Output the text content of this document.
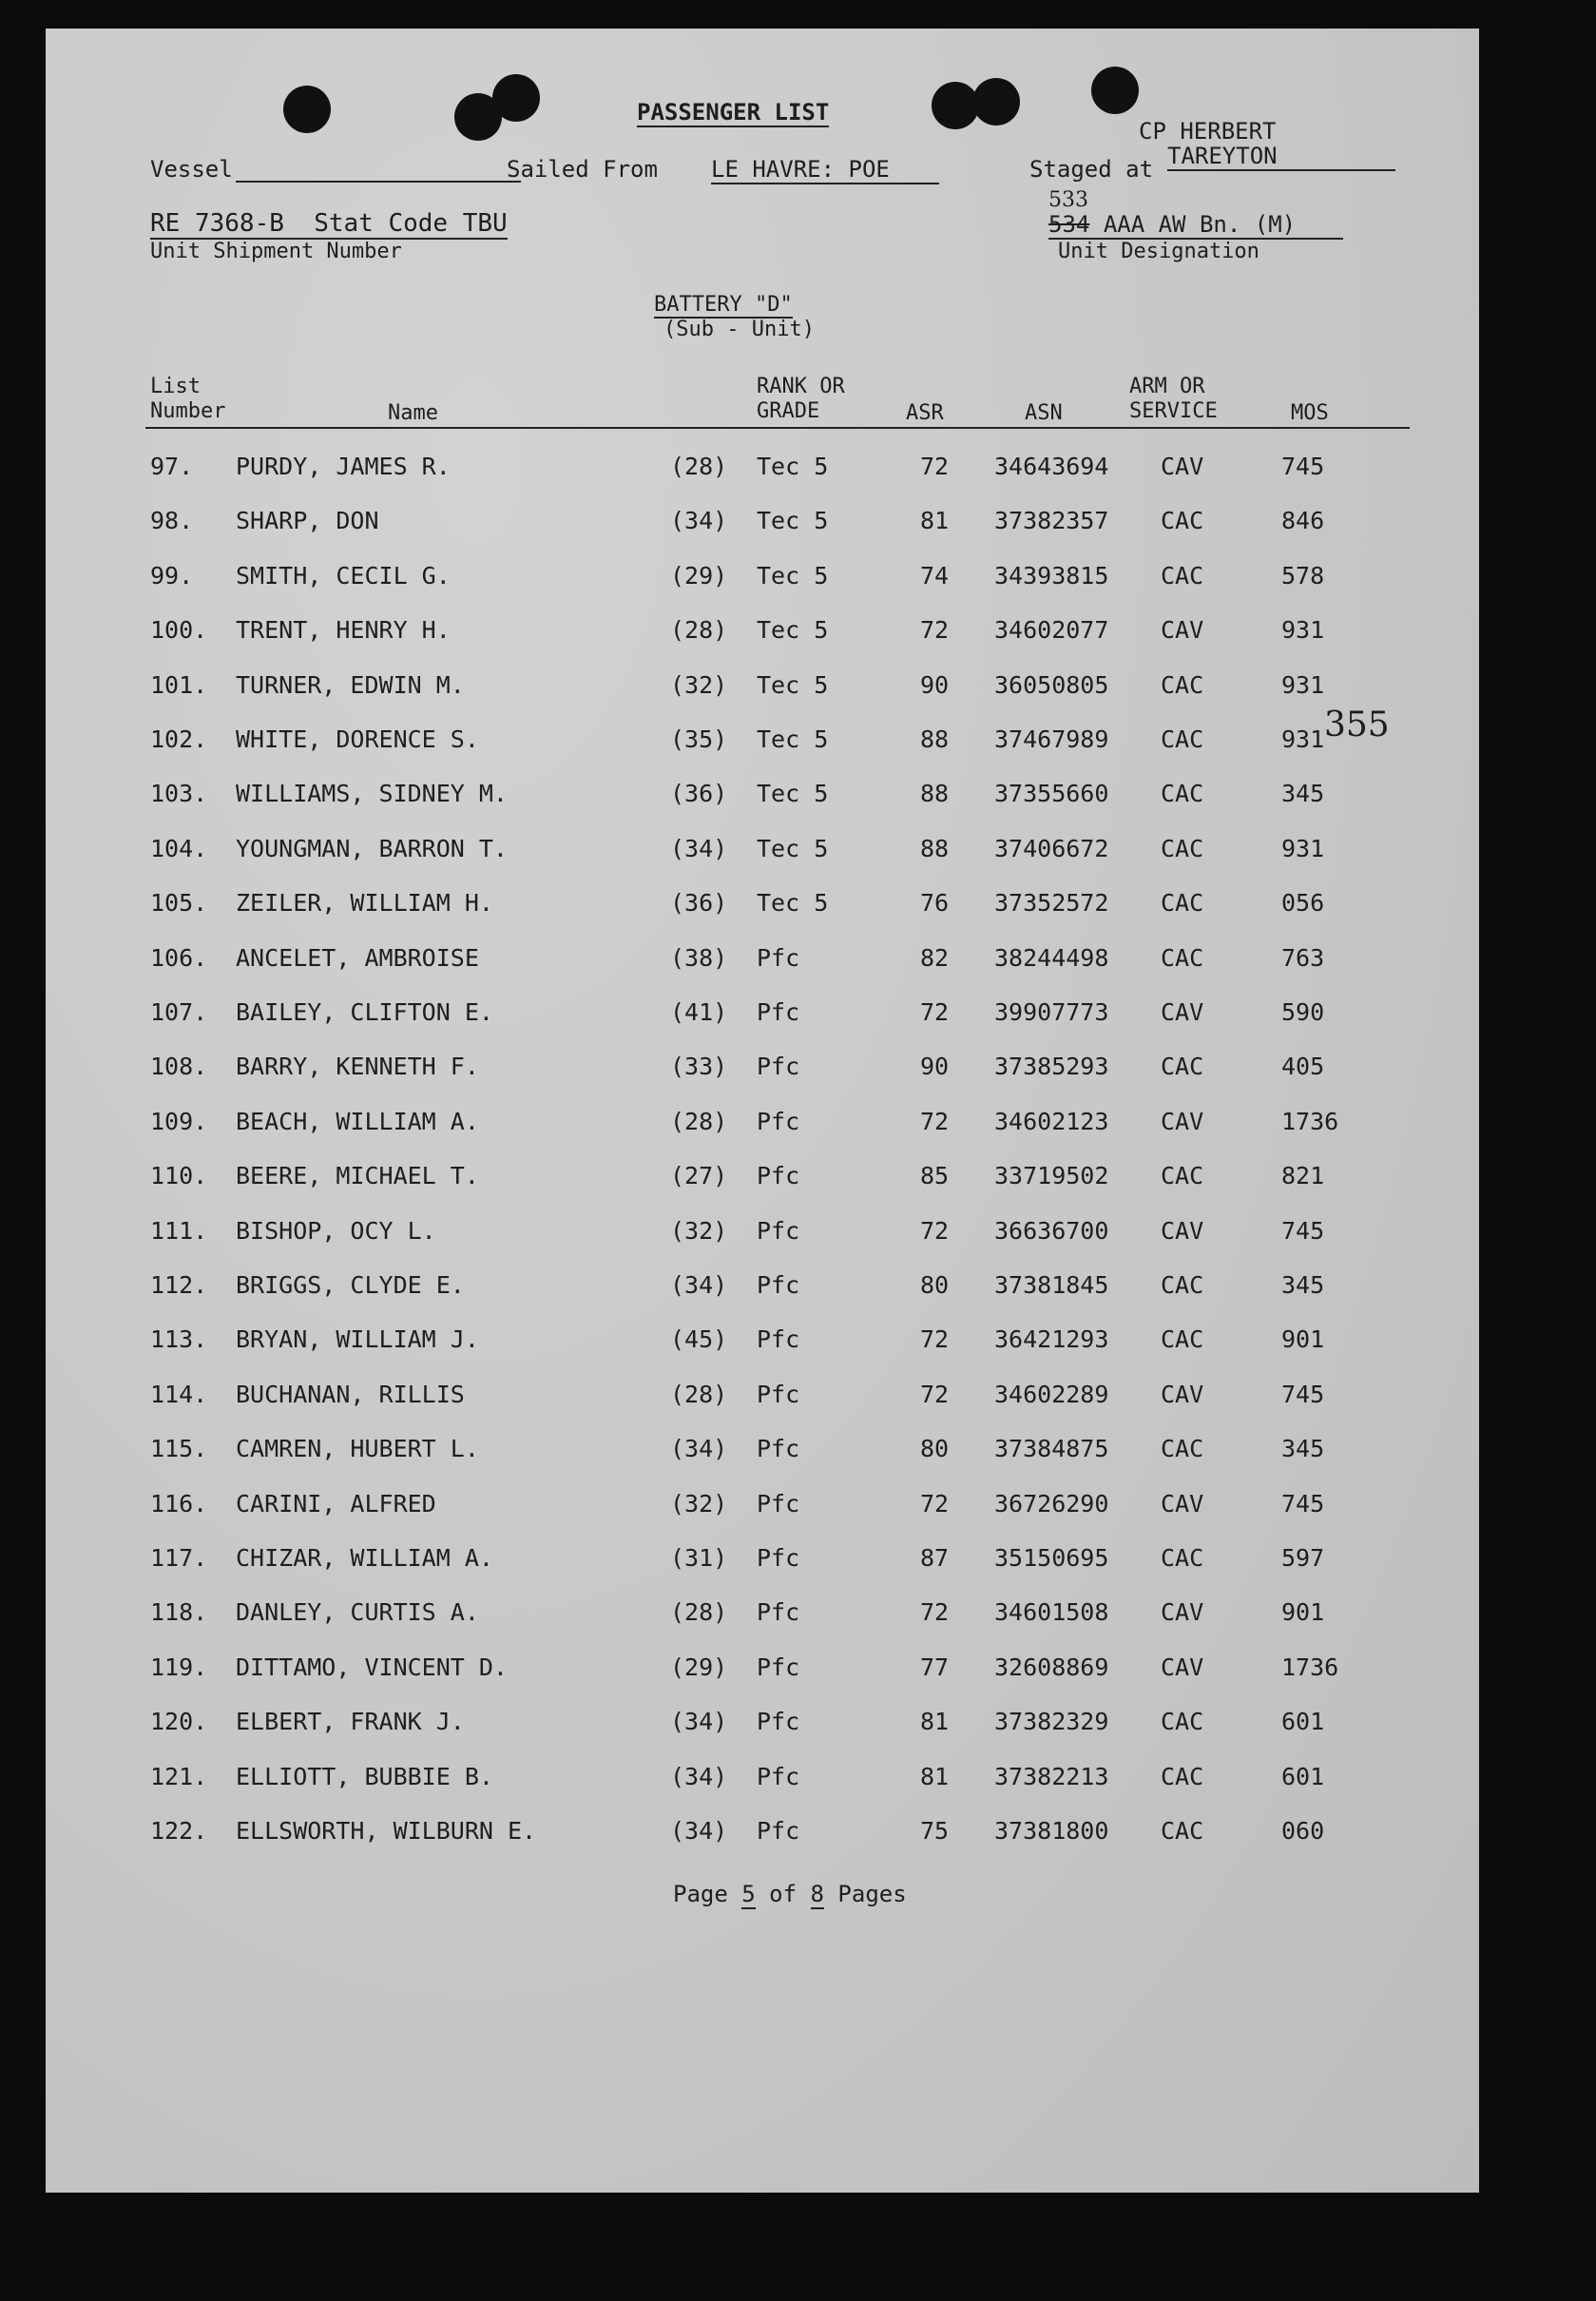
PASSENGER LIST
Vessel	Sailed From LE HAVRE: POE	Staged at
CP HERBERT
TAREYTON
RE 7368-B Stat Code TBU
Unit Shipment Number
533
534 AAA AW Bn. (M)
Unit Designation
BATTERY "D"
(Sub - Unit)
List
Number	Name
RANK OR
GRADE	ASR	ASN
ARM OR
SERVICE	MOS
97. PURDY, JAMES R.	(28) Tec 5	72 34643694 CAV	745
98. SHARP, DON	(34) Tec 5	81 37382357 CAC	846
99. SMITH, CECIL G.	(29) Tec 5	74 34393815 CAC	578
100. TRENT, HENRY H.	(28) Tec 5	72 34602077 CAV	931
101. TURNER, EDWIN M.	(32) Tec 5	90 36050805 CAC	931
102. WHITE, DORENCE S.	(35) Tec 5	88 37467989 CAC	931
103. WILLIAMS, SIDNEY M.	(36) Tec 5	88 37355660 CAC	345
104. YOUNGMAN, BARRON T.	(34) Tec 5	88 37406672 CAC	931
105. ZEILER, WILLIAM H.	(36) Tec 5	76 37352572 CAC	056
106. ANCELET, AMBROISE	(38) Pfc	82 38244498 CAC	763
107. BAILEY, CLIFTON E.	(41) Pfc	72 39907773 CAV	590
108. BARRY, KENNETH F.	(33) Pfc	90 37385293 CAC	405
109. BEACH, WILLIAM A.	(28) Pfc	72 34602123 CAV	1736
110. BEERE, MICHAEL T.	(27) Pfc	85 33719502 CAC	821
111. BISHOP, OCY L.	(32) Pfc	72 36636700 CAV	745
112. BRIGGS, CLYDE E.	(34) Pfc	80 37381845 CAC	345
113. BRYAN, WILLIAM J.	(45) Pfc	72 36421293 CAC	901
114. BUCHANAN, RILLIS	(28) Pfc	72 34602289 CAV	745
115. CAMREN, HUBERT L.	(34) Pfc	80 37384875 CAC	345
116. CARINI, ALFRED	(32) Pfc	72 36726290 CAV	745
117. CHIZAR, WILLIAM A.	(31) Pfc	87 35150695 CAC	597
118. DANLEY, CURTIS A.	(28) Pfc	72 34601508 CAV	901
119. DITTAMO, VINCENT D.	(29) Pfc	77 32608869 CAV	1736
120. ELBERT, FRANK J.	(34) Pfc	81 37382329 CAC	601
121. ELLIOTT, BUBBIE B.	(34) Pfc	81 37382213 CAC	601
122. ELLSWORTH, WILBURN E.	(34) Pfc	75 37381800 CAC	060
355
Page 5 of 8 Pages
